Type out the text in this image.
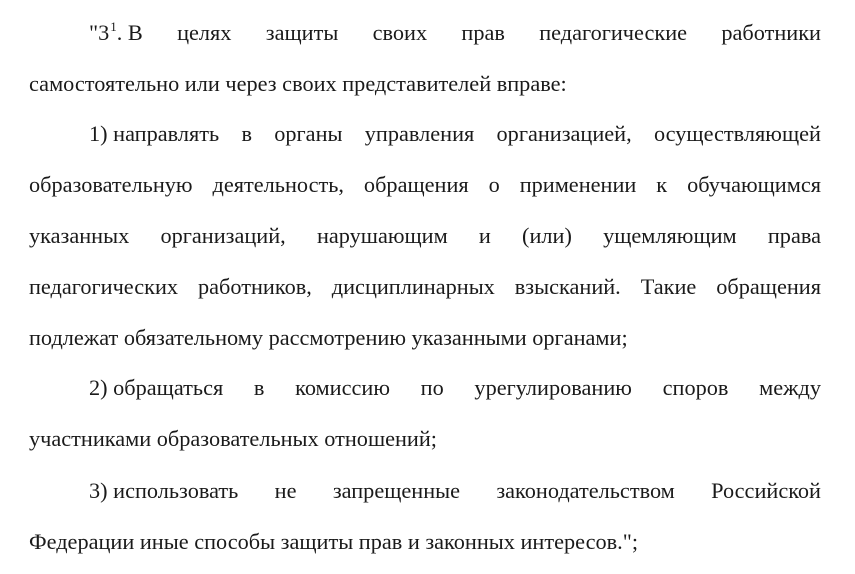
"3$^1$. В целях защиты своих прав педагогические работники
самостоятельно или через своих представителей вправе:
1) направлять в органы управления организацией, осуществляющей
образовательную деятельность, обращения о применении к обучающимся
указанных организаций, нарушающим и (или) ущемляющим права
педагогических работников, дисциплинарных взысканий. Такие обращения
подлежат обязательному рассмотрению указанными органами;
2) обращаться в комиссию по урегулированию споров между
участниками образовательных отношений;
3) использовать не запрещенные законодательством Российской
Федерации иные способы защиты прав и законных интересов.";
